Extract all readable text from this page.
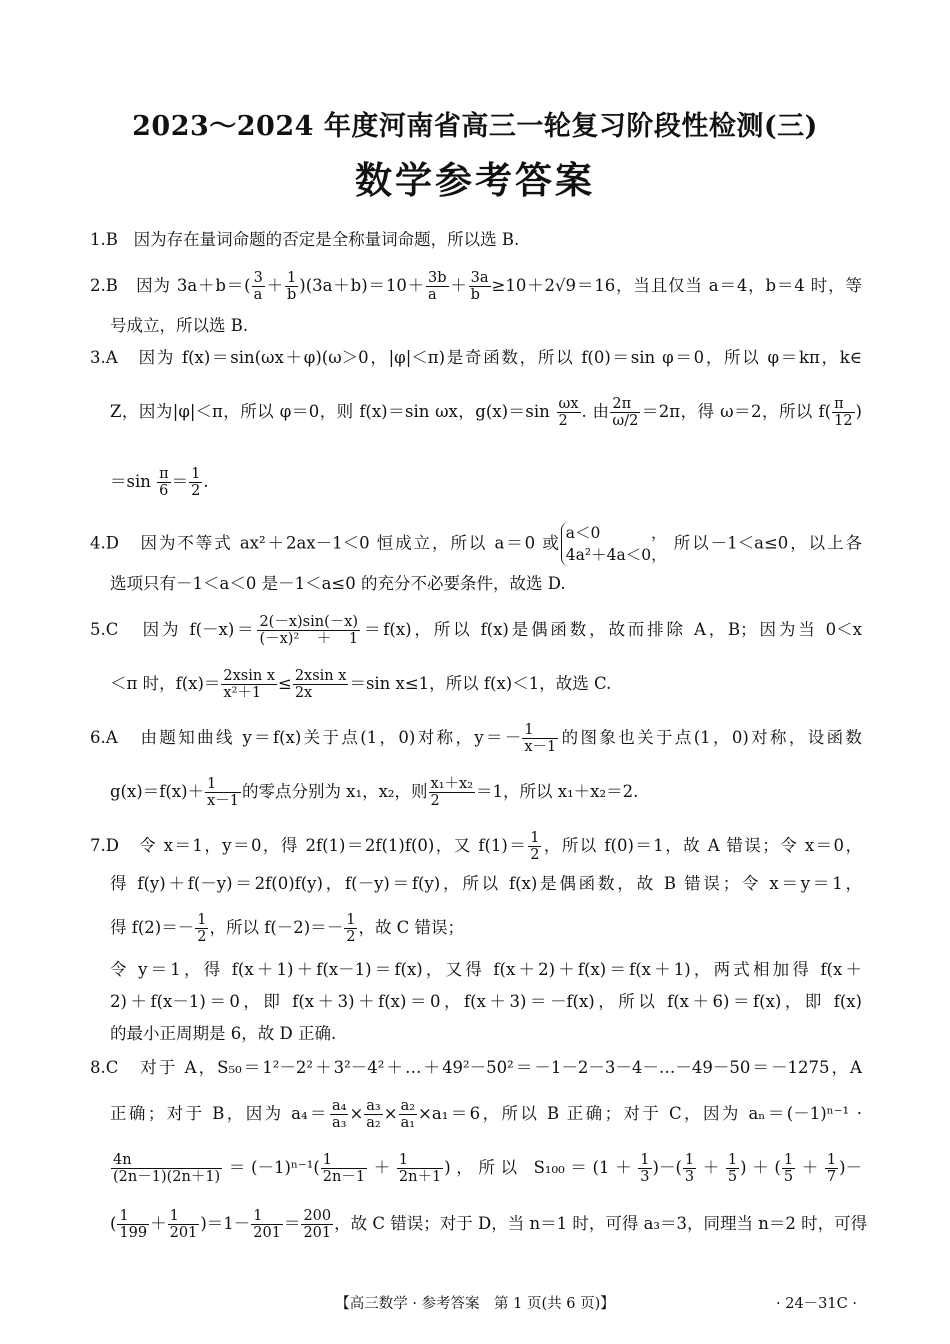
2023～2024 年度河南省高三一轮复习阶段性检测(三)
数学参考答案
1.B 因为存在量词命题的否定是全称量词命题，所以选 B.
2.B 因为 $3a+b=( \frac{3}{a} + \frac{1}{b} )(3a+b)=10+ \frac{3b}{a} + \frac{3a}{b} \ge 10+2√9=16$，当且仅当 a＝4，b＝4 时，等
号成立，所以选 B.
3.A 因为 f(x)＝sin(ωx＋φ)(ω＞0，|φ|＜π)是奇函数，所以 f(0)＝sin φ＝0，所以 φ＝kπ，k∈
Z，因为|φ|＜π，所以 φ＝0，则 f(x)＝sin ωx，$g(x)=\sin \frac{\omega x}{2}$ . 由 $\frac{2\pi}{\omega/2} =2\pi$，得 ω＝2，所以 $f( \frac{\pi}{12}$ )
$=\sin \frac{\pi}{6} = \frac{1}{2}$ .
4.D 因为不等式 ax²＋2ax－1＜0 恒成立，所以 a＝0 或
a＜0，
4a²＋4a＜0，
所以－1＜a≤0，以上各
选项只有－1＜a＜0 是－1＜a≤0 的充分不必要条件，故选 D.
5.C 因为 $f(-x)= \frac{2(-x)\sin(-x)}{\text{(－x)²＋1}} =f(x)$，所以 f(x)是偶函数，故而排除 A，B；因为当 0＜x
＜π 时，$f(x)= \frac{\text{2xsin x}}{\text{x²＋1}} \le \frac{\text{2xsin x}}{2x} =\sin$ x≤1，所以 f(x)＜1，故选 C.
6.A 由题知曲线 y＝f(x)关于点(1，0)对称，$y=- \frac{1}{x-1}$ 的图象也关于点(1，0)对称，设函数
$g(x)=f(x)+ \frac{1}{x-1}$ 的零点分别为 x₁，x₂，则 $\frac{\text{x₁＋x₂}}{2} =1$，所以 x₁＋x₂＝2.
7.D 令 x＝1，y＝0，得 2f(1)＝2f(1)f(0)，又 $f(1)= \frac{1}{2}$ ，所以 f(0)＝1，故 A 错误；令 x＝0，
得 f(y)＋f(－y)＝2f(0)f(y)，f(－y)＝f(y)，所以 f(x)是偶函数，故 B 错误；令 x＝y＝1，
得 $f(2)=- \frac{1}{2}$ ，所以 $f(-2)=- \frac{1}{2}$ ，故 C 错误；
令 y＝1，得 f(x＋1)＋f(x－1)＝f(x)，又得 f(x＋2)＋f(x)＝f(x＋1)，两式相加得 f(x＋
2)＋f(x－1)＝0，即 f(x＋3)＋f(x)＝0，f(x＋3)＝－f(x)，所以 f(x＋6)＝f(x)，即 f(x)
的最小正周期是 6，故 D 正确.
8.C 对于 A，S₅₀＝1²－2²＋3²－4²＋…＋49²－50²＝－1－2－3－4－…－49－50＝－1275，A
正确；对于 B，因为 $a_4= \frac{\text{a₄}}{\text{a₃}} \times \frac{\text{a₃}}{\text{a₂}} \times \frac{\text{a₂}}{\text{a₁}} \times a_1=6$，所以 B 正确；对于 C，因为 aₙ＝(－1)ⁿ⁻¹ ·
$\frac{4n}{(2n-1)(2n+1)} =(-1)^{n-1}( \frac{1}{2n-1} + \frac{1}{2n+1}$ )，所以 $S_{100}=(1+ \frac{1}{3}$ )－( $\frac{1}{3} + \frac{1}{5}$ )＋( $\frac{1}{5} + \frac{1}{7}$ )－
( $\frac{1}{199} + \frac{1}{201} )=1- \frac{1}{201} = \frac{200}{201}$ ，故 C 错误；对于 D，当 n＝1 时，可得 a₃＝3，同理当 n＝2 时，可得
【高三数学 · 参考答案　第 1 页(共 6 页)】	· 24－31C ·
